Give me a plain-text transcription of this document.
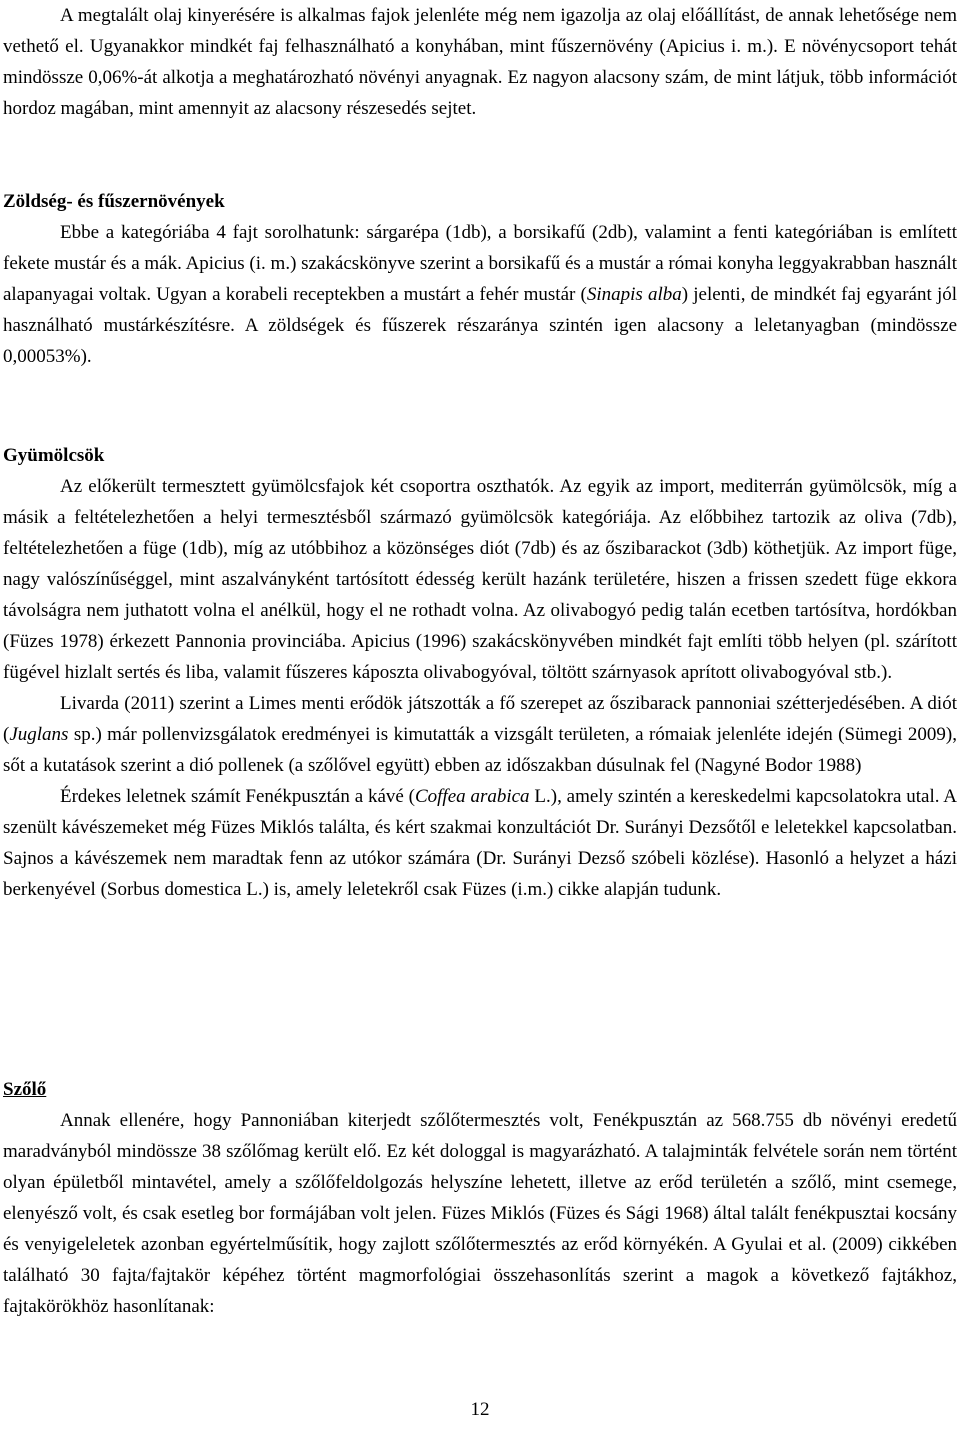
A megtalált olaj kinyerésére is alkalmas fajok jelenléte még nem igazolja az olaj előállítást, de annak lehetősége nem vethető el. Ugyanakkor mindkét faj felhasználható a konyhában, mint fűszernövény (Apicius i. m.). E növénycsoport tehát mindössze 0,06%-át alkotja a meghatározható növényi anyagnak. Ez nagyon alacsony szám, de mint látjuk, több információt hordoz magában, mint amennyit az alacsony részesedés sejtet.

Zöldség- és fűszernövények

Ebbe a kategóriába 4 fajt sorolhatunk: sárgarépa (1db), a borsikafű (2db), valamint a fenti kategóriában is említett fekete mustár és a mák. Apicius (i. m.) szakácskönyve szerint a borsikafű és a mustár a római konyha leggyakrabban használt alapanyagai voltak. Ugyan a korabeli receptekben a mustárt a fehér mustár (Sinapis alba) jelenti, de mindkét faj egyaránt jól használható mustárkészítésre. A zöldségek és fűszerek részaránya szintén igen alacsony a leletanyagban (mindössze 0,00053%).

Gyümölcsök

Az előkerült termesztett gyümölcsfajok két csoportra oszthatók. Az egyik az import, mediterrán gyümölcsök, míg a másik a feltételezhetően a helyi termesztésből származó gyümölcsök kategóriája. Az előbbihez tartozik az oliva (7db), feltételezhetően a füge (1db), míg az utóbbihoz a közönséges diót (7db) és az őszibarackot (3db) köthetjük. Az import füge, nagy valószínűséggel, mint aszalványként tartósított édesség került hazánk területére, hiszen a frissen szedett füge ekkora távolságra nem juthatott volna el anélkül, hogy el ne rothadt volna. Az olivabogyó pedig talán ecetben tartósítva, hordókban (Füzes 1978) érkezett Pannonia provinciába. Apicius (1996) szakácskönyvében mindkét fajt említi több helyen (pl. szárított fügével hizlalt sertés és liba, valamit fűszeres káposzta olivabogyóval, töltött szárnyasok aprított olivabogyóval stb.).

Livarda (2011) szerint a Limes menti erődök játszották a fő szerepet az őszibarack pannoniai szétterjedésében. A diót (Juglans sp.) már pollenvizsgálatok eredményei is kimutatták a vizsgált területen, a rómaiak jelenléte idején (Sümegi 2009), sőt a kutatások szerint a dió pollenek (a szőlővel együtt) ebben az időszakban dúsulnak fel (Nagyné Bodor 1988)

Érdekes leletnek számít Fenékpusztán a kávé (Coffea arabica L.), amely szintén a kereskedelmi kapcsolatokra utal. A szenült kávészemeket még Füzes Miklós találta, és kért szakmai konzultációt Dr. Surányi Dezsőtől e leletekkel kapcsolatban. Sajnos a kávészemek nem maradtak fenn az utókor számára (Dr. Surányi Dezső szóbeli közlése). Hasonló a helyzet a házi berkenyével (Sorbus domestica L.) is, amely leletekről csak Füzes (i.m.) cikke alapján tudunk.

Szőlő

Annak ellenére, hogy Pannoniában kiterjedt szőlőtermesztés volt, Fenékpusztán az 568.755 db növényi eredetű maradványból mindössze 38 szőlőmag került elő. Ez két dologgal is magyarázható. A talajminták felvétele során nem történt olyan épületből mintavétel, amely a szőlőfeldolgozás helyszíne lehetett, illetve az erőd területén a szőlő, mint csemege, elenyésző volt, és csak esetleg bor formájában volt jelen. Füzes Miklós (Füzes és Sági 1968) által talált fenékpusztai kocsány és venyigeleletek azonban egyértelműsítik, hogy zajlott szőlőtermesztés az erőd környékén. A Gyulai et al. (2009) cikkében található 30 fajta/fajtakör képéhez történt magmorfológiai összehasonlítás szerint a magok a következő fajtákhoz, fajtakörökhöz hasonlítanak:

12
